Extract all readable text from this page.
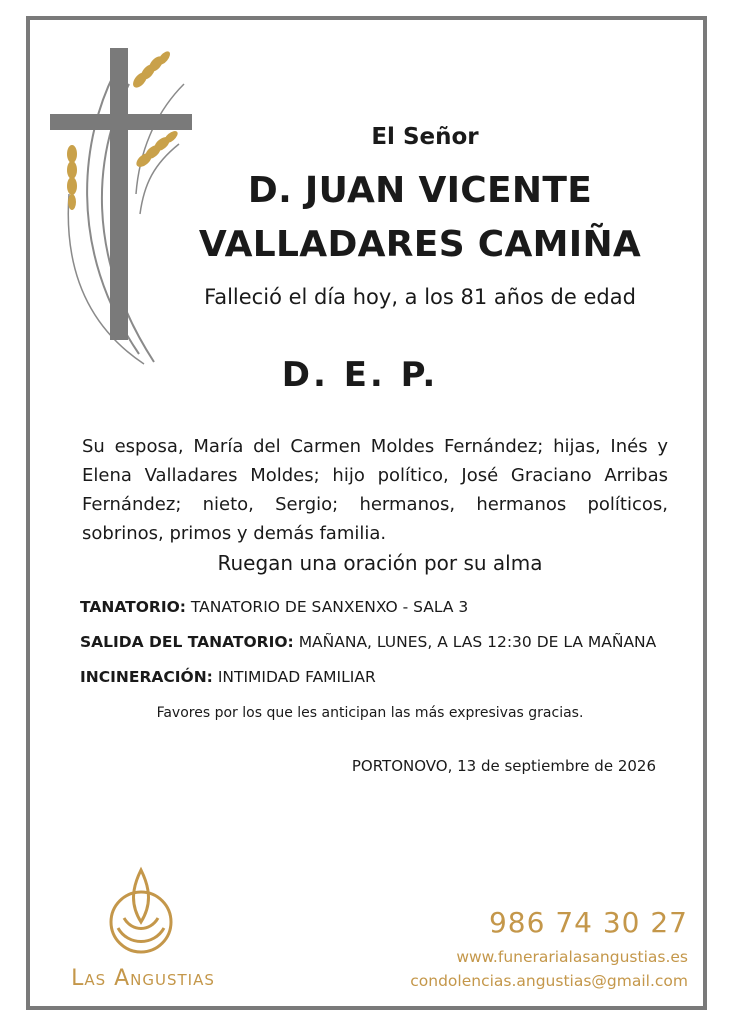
El Señor
D. JUAN VICENTE
VALLADARES CAMIÑA
Falleció el día hoy, a los 81 años de edad
D. E. P.
Su esposa, María del Carmen Moldes Fernández; hijas, Inés y Elena Valladares Moldes; hijo político, José Graciano Arribas Fernández; nieto, Sergio; hermanos, hermanos políticos, sobrinos, primos y demás familia.
Ruegan una oración por su alma
TANATORIO: TANATORIO DE SANXENXO - SALA 3
SALIDA DEL TANATORIO: MAÑANA, LUNES, A LAS 12:30 DE LA MAÑANA
INCINERACIÓN: INTIMIDAD FAMILIAR
Favores por los que les anticipan las más expresivas gracias.
PORTONOVO, 13 de septiembre de 2026
Las Angustias
986 74 30 27
www.funerarialasangustias.es
condolencias.angustias@gmail.com
